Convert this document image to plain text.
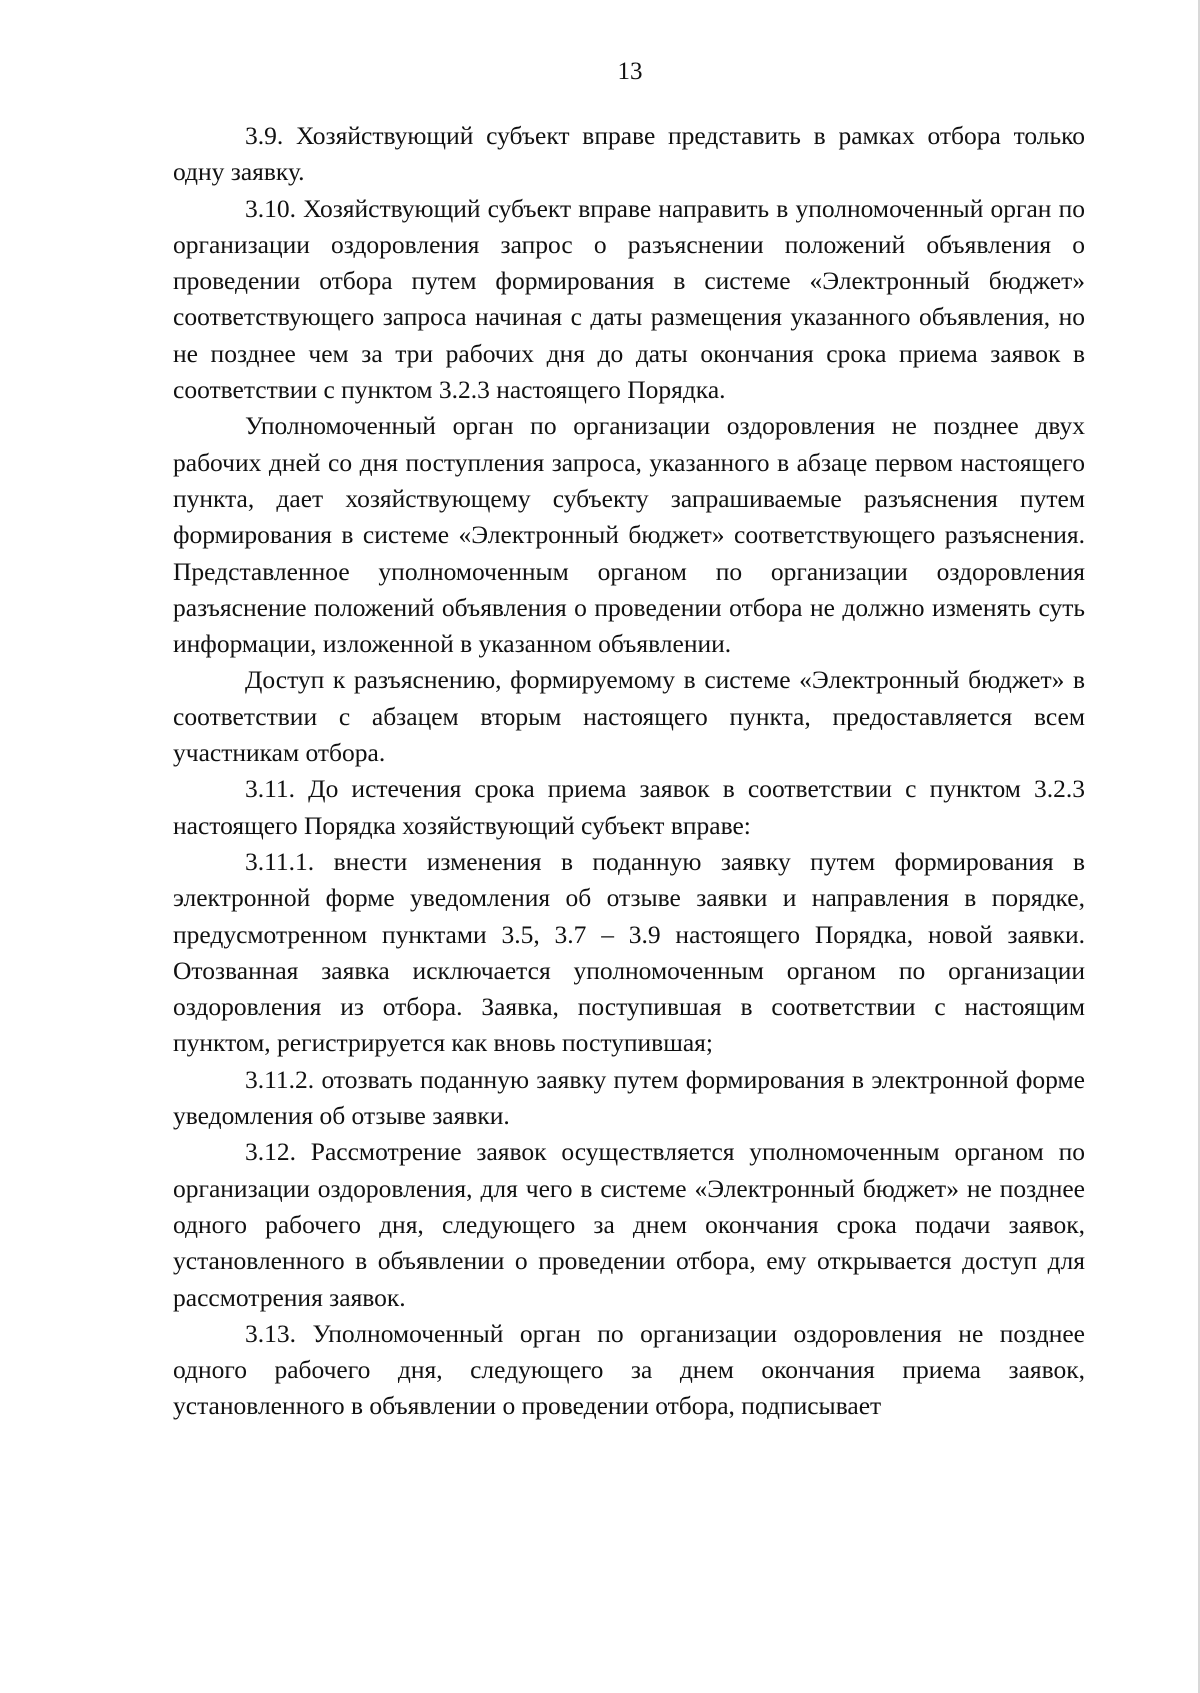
13

3.9. Хозяйствующий субъект вправе представить в рамках отбора только одну заявку.

3.10. Хозяйствующий субъект вправе направить в уполномоченный орган по организации оздоровления запрос о разъяснении положений объявления о проведении отбора путем формирования в системе «Электронный бюджет» соответствующего запроса начиная с даты размещения указанного объявления, но не позднее чем за три рабочих дня до даты окончания срока приема заявок в соответствии с пунктом 3.2.3 настоящего Порядка.

Уполномоченный орган по организации оздоровления не позднее двух рабочих дней со дня поступления запроса, указанного в абзаце первом настоящего пункта, дает хозяйствующему субъекту запрашиваемые разъяснения путем формирования в системе «Электронный бюджет» соответствующего разъяснения. Представленное уполномоченным органом по организации оздоровления разъяснение положений объявления о проведении отбора не должно изменять суть информации, изложенной в указанном объявлении.

Доступ к разъяснению, формируемому в системе «Электронный бюджет» в соответствии с абзацем вторым настоящего пункта, предоставляется всем участникам отбора.

3.11. До истечения срока приема заявок в соответствии с пунктом 3.2.3 настоящего Порядка хозяйствующий субъект вправе:

3.11.1. внести изменения в поданную заявку путем формирования в электронной форме уведомления об отзыве заявки и направления в порядке, предусмотренном пунктами 3.5, 3.7 – 3.9 настоящего Порядка, новой заявки. Отозванная заявка исключается уполномоченным органом по организации оздоровления из отбора. Заявка, поступившая в соответствии с настоящим пунктом, регистрируется как вновь поступившая;

3.11.2. отозвать поданную заявку путем формирования в электронной форме уведомления об отзыве заявки.

3.12. Рассмотрение заявок осуществляется уполномоченным органом по организации оздоровления, для чего в системе «Электронный бюджет» не позднее одного рабочего дня, следующего за днем окончания срока подачи заявок, установленного в объявлении о проведении отбора, ему открывается доступ для рассмотрения заявок.

3.13. Уполномоченный орган по организации оздоровления не позднее одного рабочего дня, следующего за днем окончания приема заявок, установленного в объявлении о проведении отбора, подписывает
